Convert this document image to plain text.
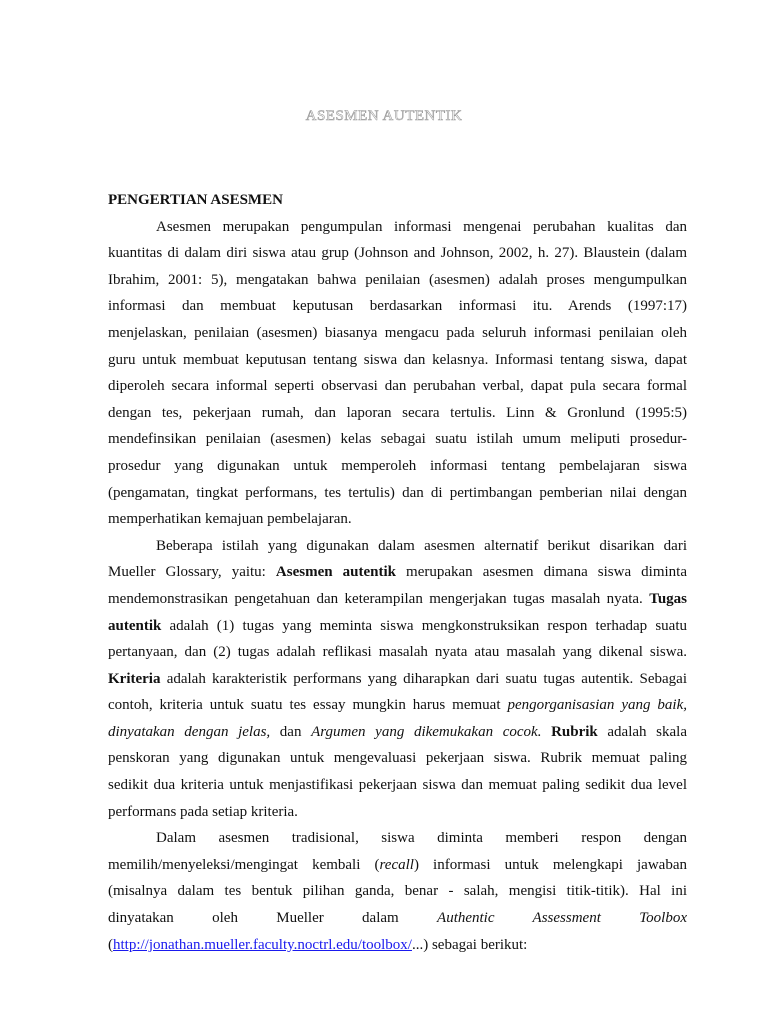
ASESMEN AUTENTIK
PENGERTIAN ASESMEN
Asesmen merupakan pengumpulan informasi mengenai perubahan kualitas dan
kuantitas di dalam diri siswa atau grup (Johnson and Johnson, 2002, h. 27). Blaustein (dalam
Ibrahim, 2001: 5), mengatakan bahwa penilaian (asesmen) adalah proses mengumpulkan
informasi dan membuat keputusan berdasarkan informasi itu. Arends (1997:17)
menjelaskan, penilaian (asesmen) biasanya mengacu pada seluruh informasi penilaian oleh
guru untuk membuat keputusan tentang siswa dan kelasnya. Informasi tentang siswa, dapat
diperoleh secara informal seperti observasi dan perubahan verbal, dapat pula secara formal
dengan tes, pekerjaan rumah, dan laporan secara tertulis. Linn & Gronlund (1995:5)
mendefinsikan penilaian (asesmen) kelas sebagai suatu istilah umum meliputi prosedur-
prosedur yang digunakan untuk memperoleh informasi tentang pembelajaran siswa
(pengamatan, tingkat performans, tes tertulis) dan di pertimbangan pemberian nilai dengan
memperhatikan kemajuan pembelajaran.
Beberapa istilah yang digunakan dalam asesmen alternatif berikut disarikan dari
Mueller Glossary, yaitu: Asesmen autentik merupakan asesmen dimana siswa diminta
mendemonstrasikan pengetahuan dan keterampilan mengerjakan tugas masalah nyata. Tugas
autentik adalah (1) tugas yang meminta siswa mengkonstruksikan respon terhadap suatu
pertanyaan, dan (2) tugas adalah reflikasi masalah nyata atau masalah yang dikenal siswa.
Kriteria adalah karakteristik performans yang diharapkan dari suatu tugas autentik. Sebagai
contoh, kriteria untuk suatu tes essay mungkin harus memuat pengorganisasian yang baik,
dinyatakan dengan jelas, dan Argumen yang dikemukakan cocok. Rubrik adalah skala
penskoran yang digunakan untuk mengevaluasi pekerjaan siswa. Rubrik memuat paling
sedikit dua kriteria untuk menjastifikasi pekerjaan siswa dan memuat paling sedikit dua level
performans pada setiap kriteria.
Dalam asesmen tradisional, siswa diminta memberi respon dengan
memilih/menyeleksi/mengingat kembali (recall) informasi untuk melengkapi jawaban
(misalnya dalam tes bentuk pilihan ganda, benar - salah, mengisi titik-titik). Hal ini
dinyatakan oleh Mueller dalam Authentic Assessment Toolbox
(http://jonathan.mueller.faculty.noctrl.edu/toolbox/...) sebagai berikut:
